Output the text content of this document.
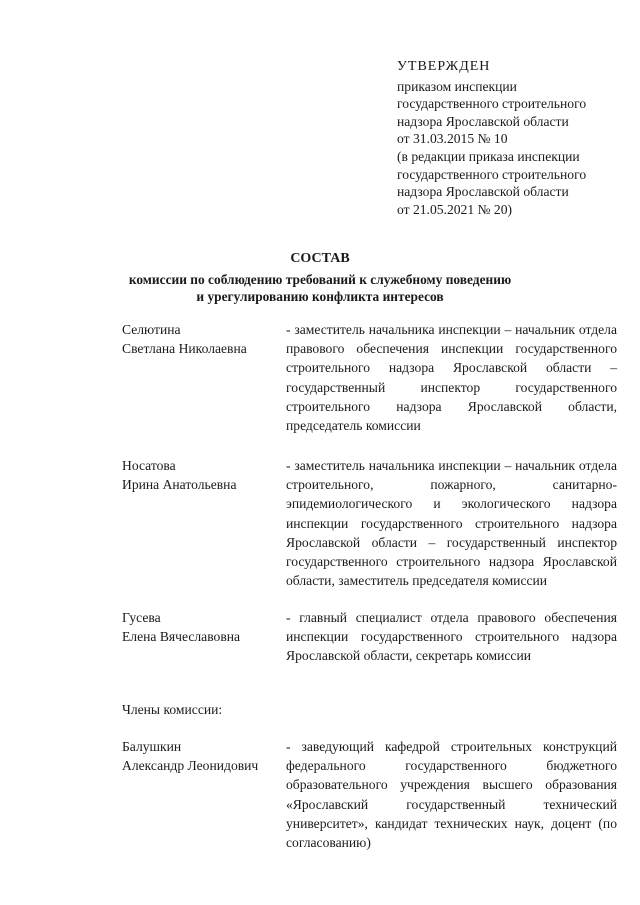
УТВЕРЖДЕН
приказом инспекции
государственного строительного
надзора Ярославской области
от 31.03.2015 № 10
(в редакции приказа инспекции
государственного строительного
надзора Ярославской области
от 21.05.2021 № 20)
СОСТАВ
комиссии по соблюдению требований к служебному поведению
и урегулированию конфликта интересов
Селютина
Светлана Николаевна
- заместитель начальника инспекции – начальник отдела правового обеспечения инспекции государственного строительного надзора Ярославской области – государственный инспектор государственного строительного надзора Ярославской области, председатель комиссии
Носатова
Ирина Анатольевна
- заместитель начальника инспекции – начальник отдела строительного, пожарного, санитарно-эпидемиологического и экологического надзора инспекции государственного строительного надзора Ярославской области – государственный инспектор государственного строительного надзора Ярославской области, заместитель председателя комиссии
Гусева
Елена Вячеславовна
- главный специалист отдела правового обеспечения инспекции государственного строительного надзора Ярославской области, секретарь комиссии
Члены комиссии:
Балушкин
Александр Леонидович
- заведующий кафедрой строительных конструкций федерального государственного бюджетного образовательного учреждения высшего образования «Ярославский государственный технический университет», кандидат технических наук, доцент (по согласованию)
